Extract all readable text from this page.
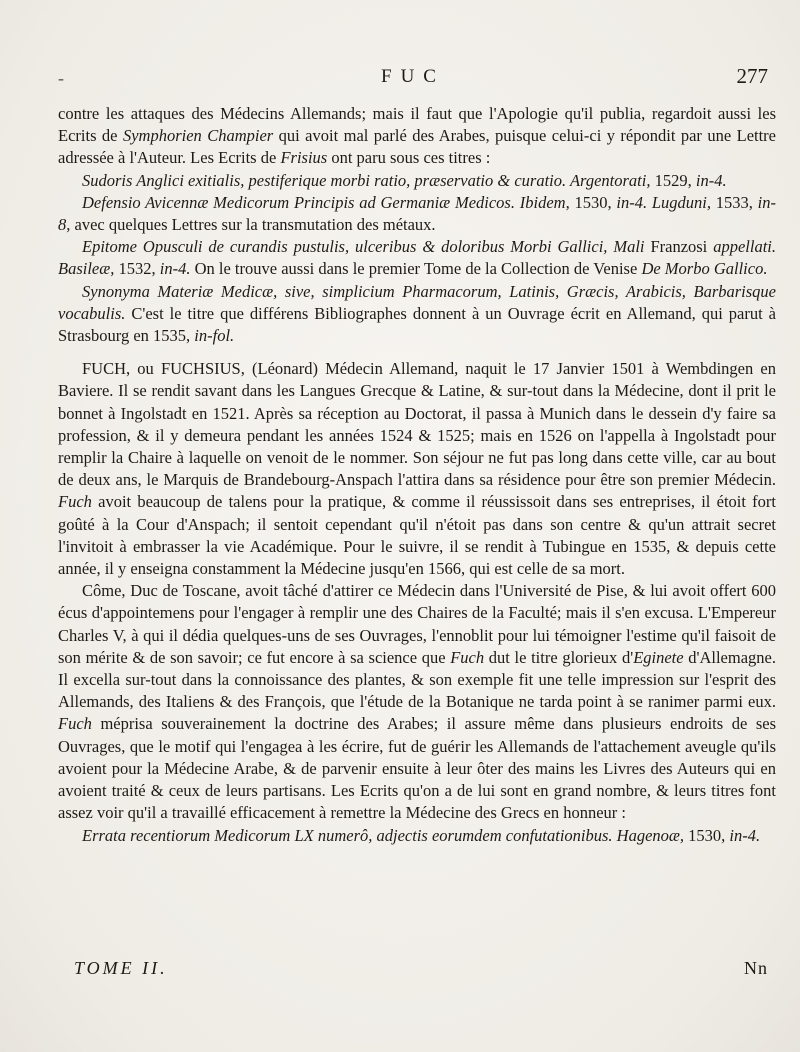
-	FUC	277

contre les attaques des Médecins Allemands; mais il faut que l'Apologie qu'il publia, regardoit aussi les Ecrits de Symphorien Champier qui avoit mal parlé des Arabes, puisque celui-ci y répondit par une Lettre adressée à l'Auteur. Les Ecrits de Frisius ont paru sous ces titres :

Sudoris Anglici exitialis, pestiferique morbi ratio, præservatio & curatio. Argentorati, 1529, in-4.

Defensio Avicennæ Medicorum Principis ad Germaniæ Medicos. Ibidem, 1530, in-4. Lugduni, 1533, in-8, avec quelques Lettres sur la transmutation des métaux.

Epitome Opusculi de curandis pustulis, ulceribus & doloribus Morbi Gallici, Mali Franzosi appellati. Basileæ, 1532, in-4. On le trouve aussi dans le premier Tome de la Collection de Venise De Morbo Gallico.

Synonyma Materiæ Medicæ, sive, simplicium Pharmacorum, Latinis, Græcis, Arabicis, Barbarisque vocabulis. C'est le titre que différens Bibliographes donnent à un Ouvrage écrit en Allemand, qui parut à Strasbourg en 1535, in-fol.

FUCH, ou FUCHSIUS, (Léonard) Médecin Allemand, naquit le 17 Janvier 1501 à Wembdingen en Baviere. Il se rendit savant dans les Langues Grecque & Latine, & sur-tout dans la Médecine, dont il prit le bonnet à Ingolstadt en 1521. Après sa réception au Doctorat, il passa à Munich dans le dessein d'y faire sa profession, & il y demeura pendant les années 1524 & 1525; mais en 1526 on l'appella à Ingolstadt pour remplir la Chaire à laquelle on venoit de le nommer. Son séjour ne fut pas long dans cette ville, car au bout de deux ans, le Marquis de Brandebourg-Anspach l'attira dans sa résidence pour être son premier Médecin. Fuch avoit beaucoup de talens pour la pratique, & comme il réussissoit dans ses entreprises, il étoit fort goûté à la Cour d'Anspach; il sentoit cependant qu'il n'étoit pas dans son centre & qu'un attrait secret l'invitoit à embrasser la vie Académique. Pour le suivre, il se rendit à Tubingue en 1535, & depuis cette année, il y enseigna constamment la Médecine jusqu'en 1566, qui est celle de sa mort.

Côme, Duc de Toscane, avoit tâché d'attirer ce Médecin dans l'Université de Pise, & lui avoit offert 600 écus d'appointemens pour l'engager à remplir une des Chaires de la Faculté; mais il s'en excusa. L'Empereur Charles V, à qui il dédia quelques-uns de ses Ouvrages, l'ennoblit pour lui témoigner l'estime qu'il faisoit de son mérite & de son savoir; ce fut encore à sa science que Fuch dut le titre glorieux d'Eginete d'Allemagne. Il excella sur-tout dans la connoissance des plantes, & son exemple fit une telle impression sur l'esprit des Allemands, des Italiens & des François, que l'étude de la Botanique ne tarda point à se ranimer parmi eux. Fuch méprisa souverainement la doctrine des Arabes; il assure même dans plusieurs endroits de ses Ouvrages, que le motif qui l'engagea à les écrire, fut de guérir les Allemands de l'attachement aveugle qu'ils avoient pour la Médecine Arabe, & de parvenir ensuite à leur ôter des mains les Livres des Auteurs qui en avoient traité & ceux de leurs partisans. Les Ecrits qu'on a de lui sont en grand nombre, & leurs titres font assez voir qu'il a travaillé efficacement à remettre la Médecine des Grecs en honneur :

Errata recentiorum Medicorum LX numerô, adjectis eorumdem confutationibus. Hagenoæ, 1530, in-4.

TOME II.	Nn
